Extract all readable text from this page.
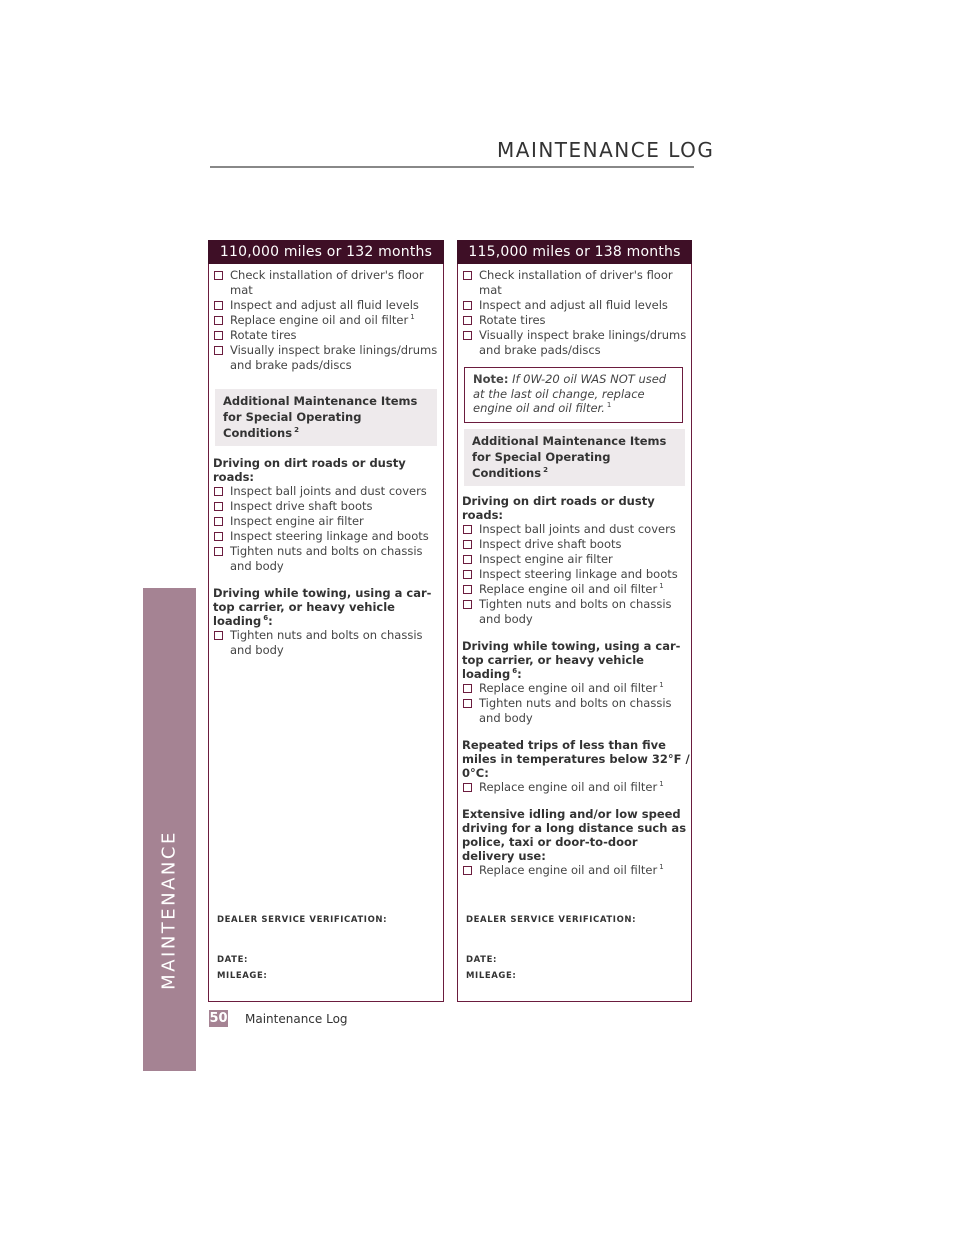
MAINTENANCE
MAINTENANCE LOG
110,000 miles or 132 months
Check installation of driver's floor mat
Inspect and adjust all fluid levels
Replace engine oil and oil filter $^1$
Rotate tires
Visually inspect brake linings/drums and brake pads/discs
Additional Maintenance Items for Special Operating Conditions $^2$
Driving on dirt roads or dusty roads:
Inspect ball joints and dust covers
Inspect drive shaft boots
Inspect engine air filter
Inspect steering linkage and boots
Tighten nuts and bolts on chassis and body
Driving while towing, using a car-top carrier, or heavy vehicle loading $^6$:
Tighten nuts and bolts on chassis and body
DEALER SERVICE VERIFICATION:
DATE:
MILEAGE:
115,000 miles or 138 months
Check installation of driver's floor mat
Inspect and adjust all fluid levels
Rotate tires
Visually inspect brake linings/drums and brake pads/discs
Note: If 0W-20 oil WAS NOT used at the last oil change, replace engine oil and oil filter. $^1$
Additional Maintenance Items for Special Operating Conditions $^2$
Driving on dirt roads or dusty roads:
Inspect ball joints and dust covers
Inspect drive shaft boots
Inspect engine air filter
Inspect steering linkage and boots
Replace engine oil and oil filter $^1$
Tighten nuts and bolts on chassis and body
Driving while towing, using a car-top carrier, or heavy vehicle loading $^6$:
Replace engine oil and oil filter $^1$
Tighten nuts and bolts on chassis and body
Repeated trips of less than five miles in temperatures below 32°F / 0°C:
Replace engine oil and oil filter $^1$
Extensive idling and/or low speed driving for a long distance such as police, taxi or door-to-door delivery use:
Replace engine oil and oil filter $^1$
DEALER SERVICE VERIFICATION:
DATE:
MILEAGE:
50 Maintenance Log
